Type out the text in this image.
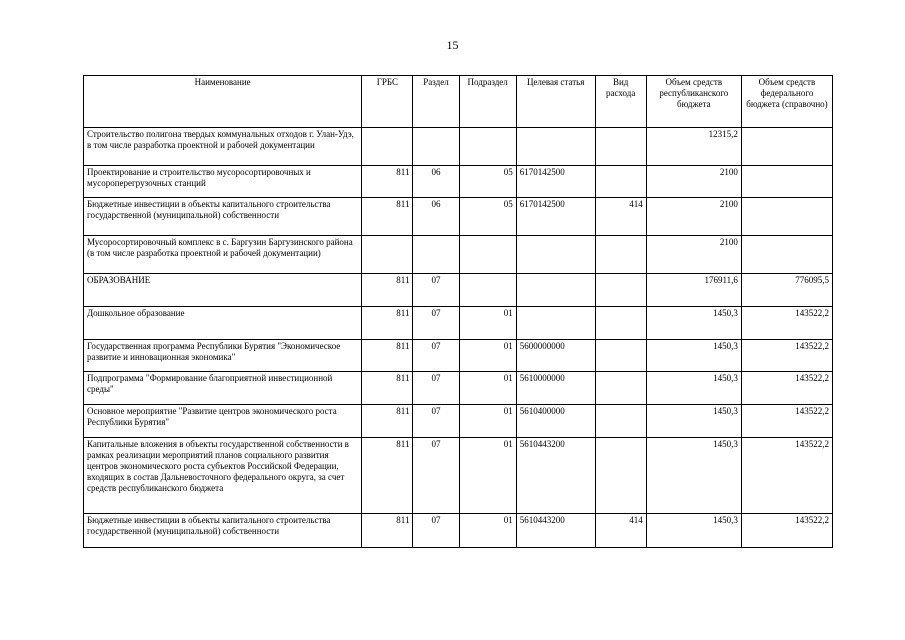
15
Наименование	ГРБС	Раздел	Подраздел	Целевая статья	Вид расхода	Объем средств республиканского бюджета	Объем средств федерального бюджета (справочно)
Строительство полигона твердых коммунальных отходов г. Улан-Удэ, в том числе разработка проектной и рабочей документации						12315,2	
Проектирование и строительство мусоросортировочных и мусороперегрузочных станций	811	06	05	6170142500		2100	
Бюджетные инвестиции в объекты капитального строительства государственной (муниципальной) собственности	811	06	05	6170142500	414	2100	
Мусоросортировочный комплекс в с. Баргузин Баргузинского района (в том числе разработка проектной и рабочей документации)						2100	
ОБРАЗОВАНИЕ	811	07				176911,6	776095,5
Дошкольное образование	811	07	01			1450,3	143522,2
Государственная программа Республики Бурятия "Экономическое развитие и инновационная экономика"	811	07	01	5600000000		1450,3	143522,2
Подпрограмма "Формирование благоприятной инвестиционной среды"	811	07	01	5610000000		1450,3	143522,2
Основное мероприятие "Развитие центров экономического роста Республики Бурятия"	811	07	01	5610400000		1450,3	143522,2
Капитальные вложения в объекты государственной собственности в рамках реализации мероприятий планов социального развития центров экономического роста субъектов Российской Федерации, входящих в состав Дальневосточного федерального округа, за счет средств республиканского бюджета	811	07	01	5610443200		1450,3	143522,2
Бюджетные инвестиции в объекты капитального строительства государственной (муниципальной) собственности	811	07	01	5610443200	414	1450,3	143522,2
